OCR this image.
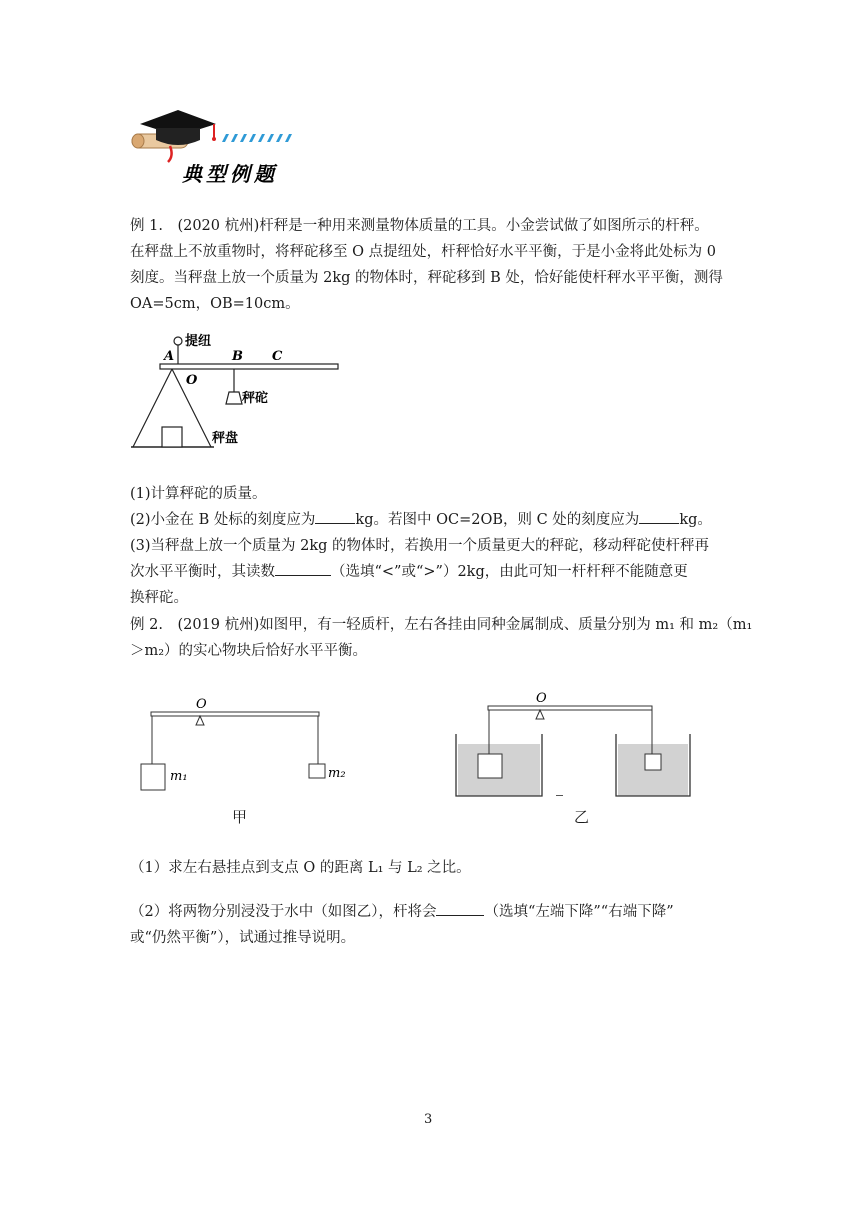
典型例题
例 1.　(2020 杭州)杆秤是一种用来测量物体质量的工具。小金尝试做了如图所示的杆秤。
在秤盘上不放重物时，将秤砣移至 O 点提纽处，杆秤恰好水平平衡，于是小金将此处标为 0
刻度。当秤盘上放一个质量为 2kg 的物体时，秤砣移到 B 处，恰好能使杆秤水平平衡，测得
OA=5cm，OB=10cm。
A
O
B C
提纽
秤砣
秤盘
(1)计算秤砣的质量。
(2)小金在 B 处标的刻度应为	kg。若图中 OC=2OB，则 C 处的刻度应为	kg。
(3)当秤盘上放一个质量为 2kg 的物体时，若换用一个质量更大的秤砣，移动秤砣使杆秤再
次水平平衡时，其读数	（选填“<”或“>”）2kg，由此可知一杆杆秤不能随意更
换秤砣。
例 2.　(2019 杭州)如图甲，有一轻质杆，左右各挂由同种金属制成、质量分别为 m₁ 和 m₂（m₁
＞m₂）的实心物块后恰好水平平衡。
O
m₁	m₂
甲
O
乙
（1）求左右悬挂点到支点 O 的距离 L₁ 与 L₂ 之比。
（2）将两物分别浸没于水中（如图乙），杆将会	（选填“左端下降”“右端下降”
或“仍然平衡”），试通过推导说明。
3
